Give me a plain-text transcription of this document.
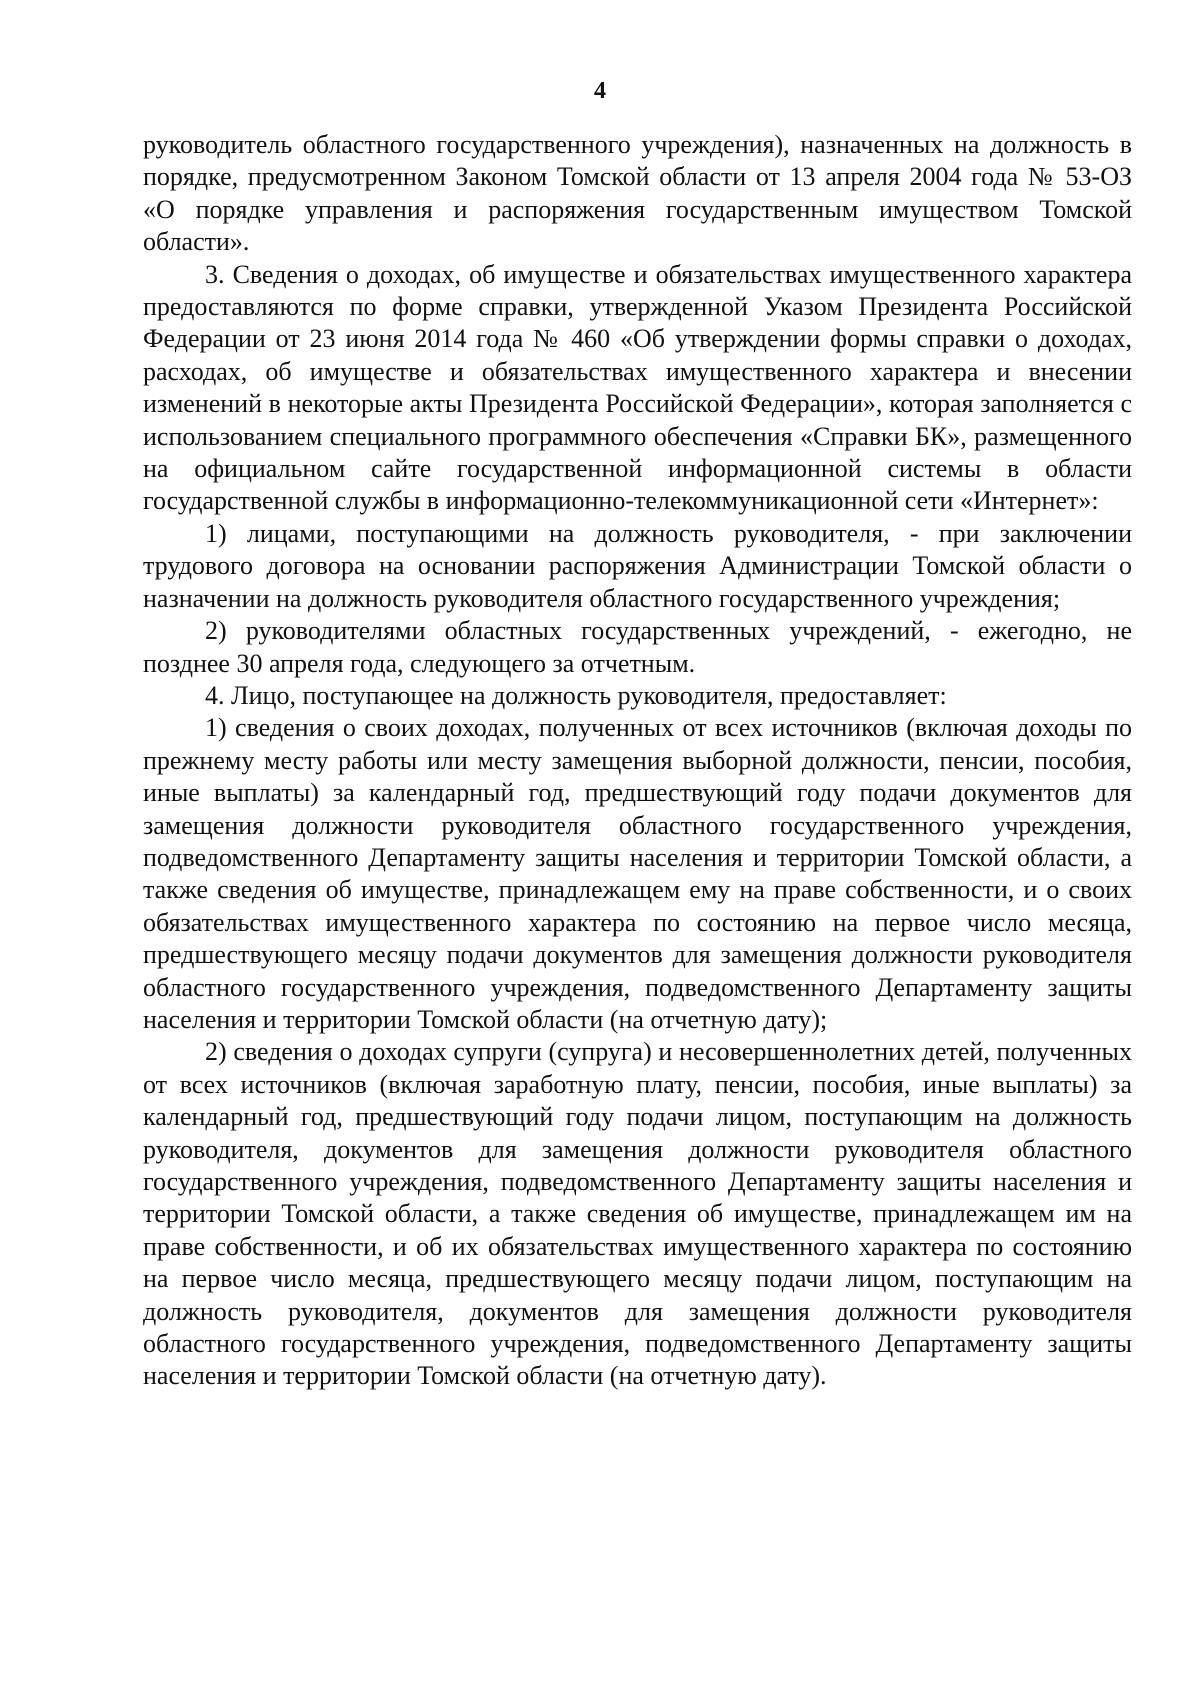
4

руководитель областного государственного учреждения), назначенных на должность в порядке, предусмотренном Законом Томской области от 13 апреля 2004 года № 53-ОЗ «О порядке управления и распоряжения государственным имуществом Томской области».

3. Сведения о доходах, об имуществе и обязательствах имущественного характера предоставляются по форме справки, утвержденной Указом Президента Российской Федерации от 23 июня 2014 года № 460 «Об утверждении формы справки о доходах, расходах, об имуществе и обязательствах имущественного характера и внесении изменений в некоторые акты Президента Российской Федерации», которая заполняется с использованием специального программного обеспечения «Справки БК», размещенного на официальном сайте государственной информационной системы в области государственной службы в информационно-телекоммуникационной сети «Интернет»:

1) лицами, поступающими на должность руководителя, - при заключении трудового договора на основании распоряжения Администрации Томской области о назначении на должность руководителя областного государственного учреждения;

2) руководителями областных государственных учреждений, - ежегодно, не позднее 30 апреля года, следующего за отчетным.

4. Лицо, поступающее на должность руководителя, предоставляет:

1) сведения о своих доходах, полученных от всех источников (включая доходы по прежнему месту работы или месту замещения выборной должности, пенсии, пособия, иные выплаты) за календарный год, предшествующий году подачи документов для замещения должности руководителя областного государственного учреждения, подведомственного Департаменту защиты населения и территории Томской области, а также сведения об имуществе, принадлежащем ему на праве собственности, и о своих обязательствах имущественного характера по состоянию на первое число месяца, предшествующего месяцу подачи документов для замещения должности руководителя областного государственного учреждения, подведомственного Департаменту защиты населения и территории Томской области (на отчетную дату);

2) сведения о доходах супруги (супруга) и несовершеннолетних детей, полученных от всех источников (включая заработную плату, пенсии, пособия, иные выплаты) за календарный год, предшествующий году подачи лицом, поступающим на должность руководителя, документов для замещения должности руководителя областного государственного учреждения, подведомственного Департаменту защиты населения и территории Томской области, а также сведения об имуществе, принадлежащем им на праве собственности, и об их обязательствах имущественного характера по состоянию на первое число месяца, предшествующего месяцу подачи лицом, поступающим на должность руководителя, документов для замещения должности руководителя областного государственного учреждения, подведомственного Департаменту защиты населения и территории Томской области (на отчетную дату).
